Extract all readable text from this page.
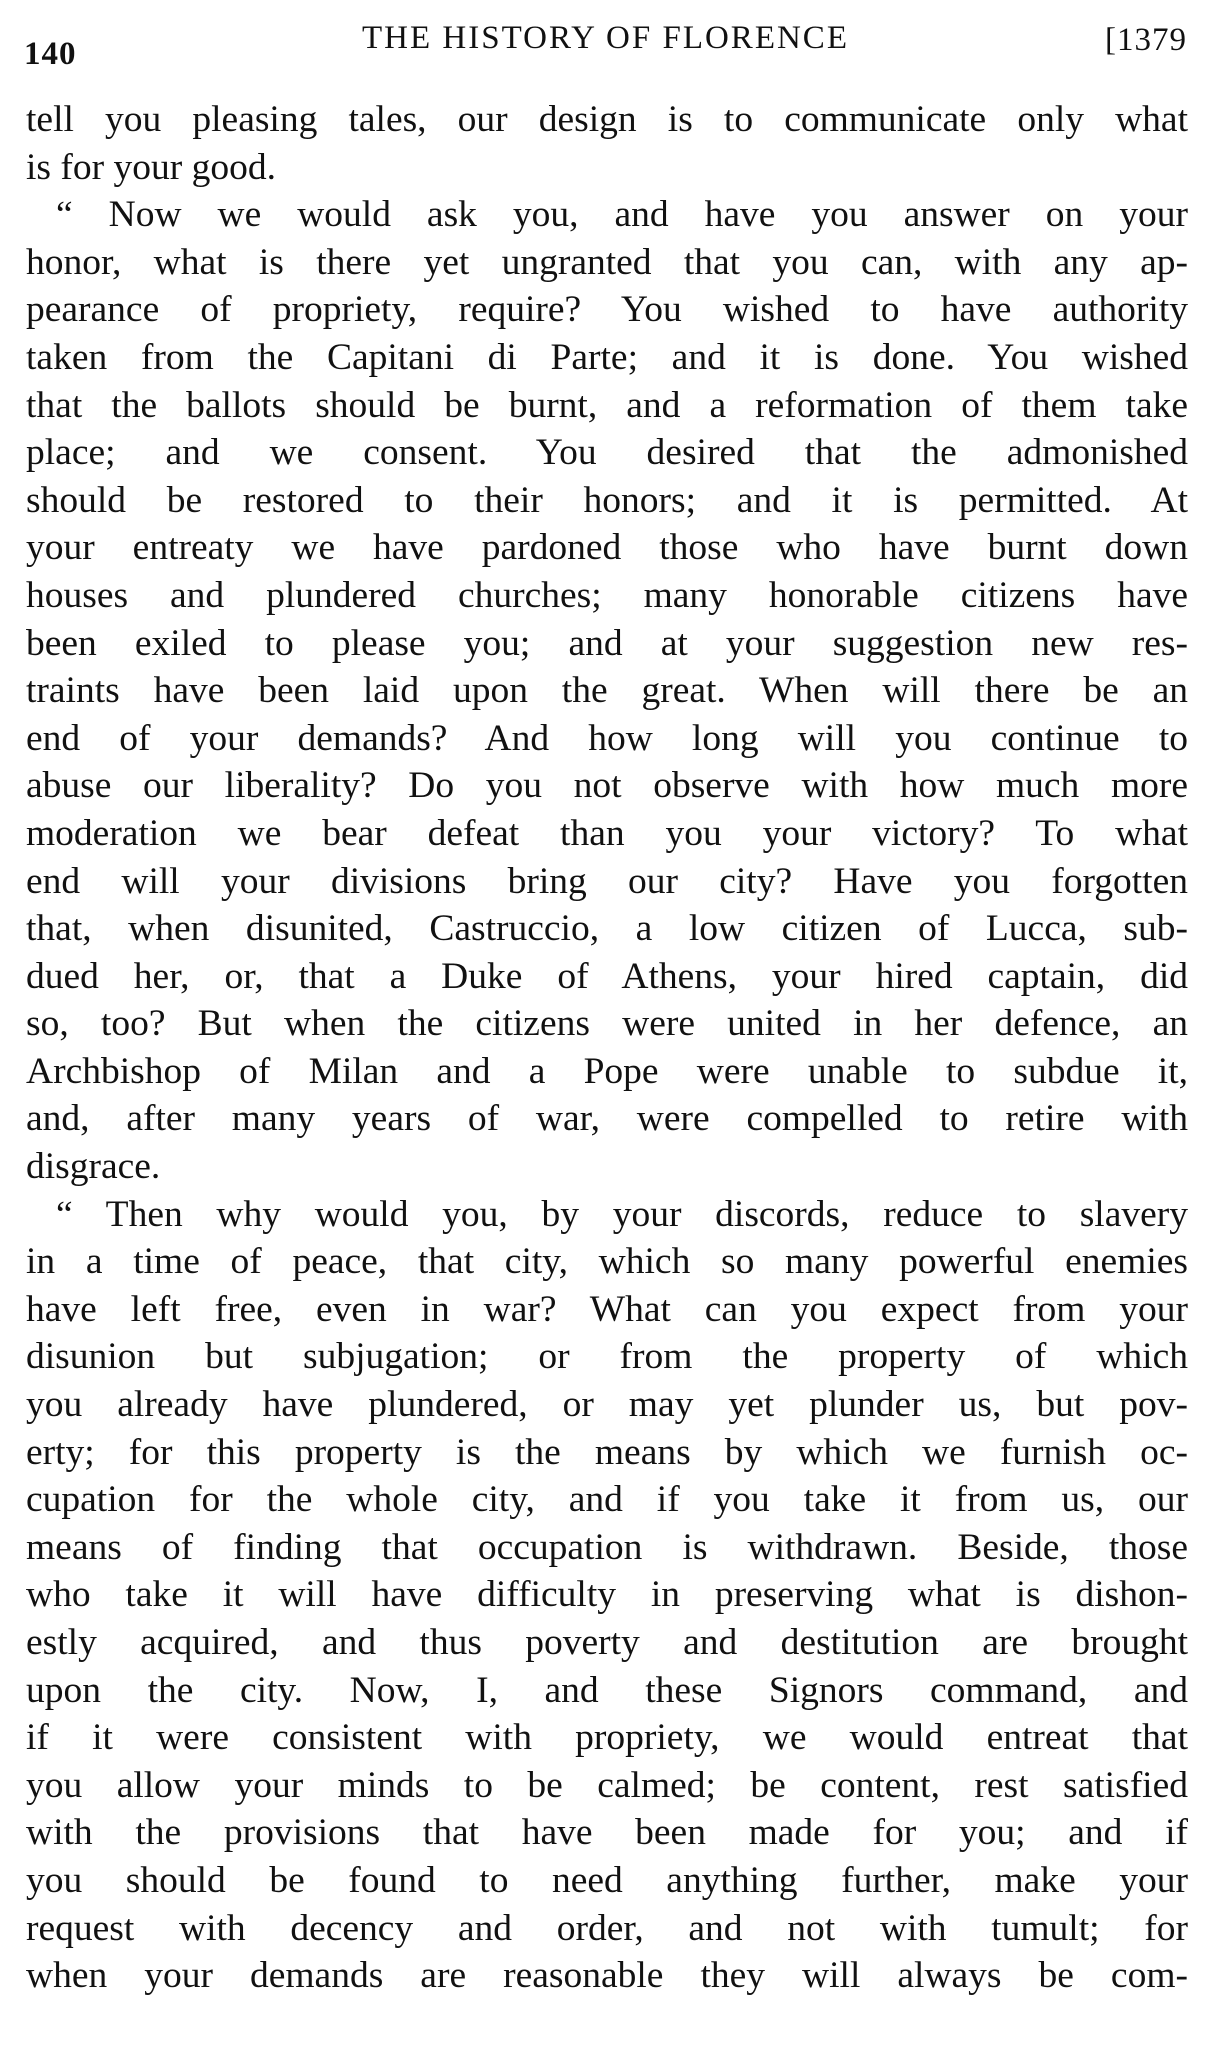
140	THE HISTORY OF FLORENCE	[1379
tell you pleasing tales, our design is to communicate only what
is for your good.
“ Now we would ask you, and have you answer on your
honor, what is there yet ungranted that you can, with any ap-
pearance of propriety, require? You wished to have authority
taken from the Capitani di Parte; and it is done. You wished
that the ballots should be burnt, and a reformation of them take
place; and we consent. You desired that the admonished
should be restored to their honors; and it is permitted. At
your entreaty we have pardoned those who have burnt down
houses and plundered churches; many honorable citizens have
been exiled to please you; and at your suggestion new res-
traints have been laid upon the great. When will there be an
end of your demands? And how long will you continue to
abuse our liberality? Do you not observe with how much more
moderation we bear defeat than you your victory? To what
end will your divisions bring our city? Have you forgotten
that, when disunited, Castruccio, a low citizen of Lucca, sub-
dued her, or, that a Duke of Athens, your hired captain, did
so, too? But when the citizens were united in her defence, an
Archbishop of Milan and a Pope were unable to subdue it,
and, after many years of war, were compelled to retire with
disgrace.
“ Then why would you, by your discords, reduce to slavery
in a time of peace, that city, which so many powerful enemies
have left free, even in war? What can you expect from your
disunion but subjugation; or from the property of which
you already have plundered, or may yet plunder us, but pov-
erty; for this property is the means by which we furnish oc-
cupation for the whole city, and if you take it from us, our
means of finding that occupation is withdrawn. Beside, those
who take it will have difficulty in preserving what is dishon-
estly acquired, and thus poverty and destitution are brought
upon the city. Now, I, and these Signors command, and
if it were consistent with propriety, we would entreat that
you allow your minds to be calmed; be content, rest satisfied
with the provisions that have been made for you; and if
you should be found to need anything further, make your
request with decency and order, and not with tumult; for
when your demands are reasonable they will always be com-
